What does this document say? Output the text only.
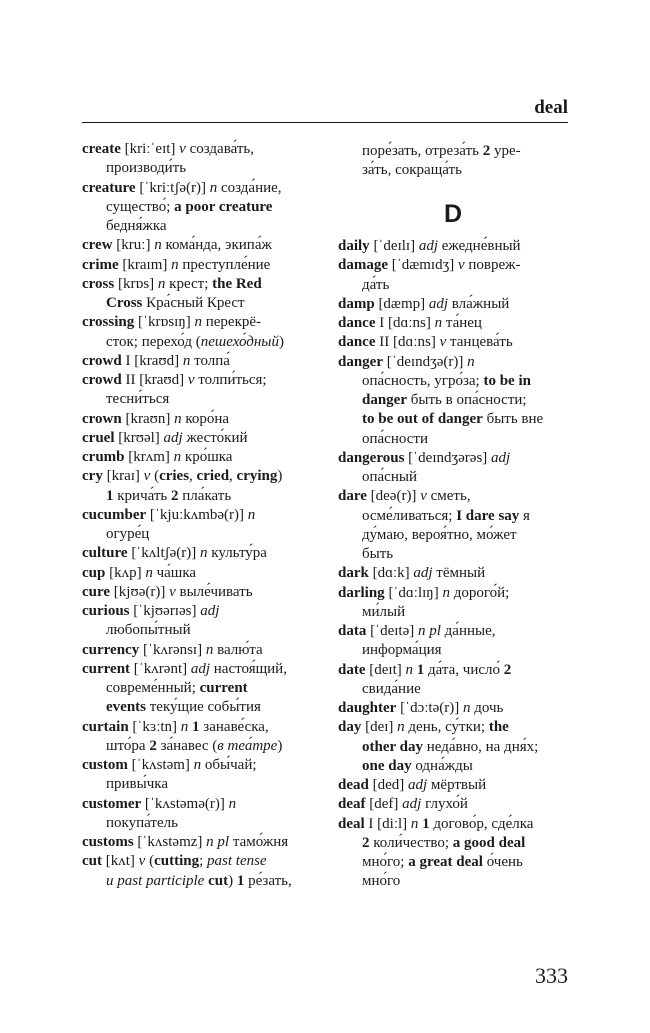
deal
create [kriːˈeɪt] v создава́ть,
производи́ть
creature [ˈkriːtʃə(r)] n созда́ние,
существо́; a poor creature
бедня́жка
crew [kruː] n кома́нда, экипа́ж
crime [kraɪm] n преступле́ние
cross [krɒs] n крест; the Red
Cross Кра́сный Крест
crossing [ˈkrɒsɪŋ] n перекрё-
сток; перехо́д (пешехо́дный)
crowd I [kraʊd] n толпа́
crowd II [kraʊd] v толпи́ться;
тесни́ться
crown [kraʊn] n коро́на
cruel [krʊəl] adj жесто́кий
crumb [krʌm] n кро́шка
cry [kraɪ] v (cries, cried, crying)
1 крича́ть 2 пла́кать
cucumber [ˈkjuːkʌmbə(r)] n
огуре́ц
culture [ˈkʌltʃə(r)] n культу́ра
cup [kʌp] n ча́шка
cure [kjʊə(r)] v выле́чивать
curious [ˈkjʊərɪəs] adj
любопы́тный
currency [ˈkʌrənsɪ] n валю́та
current [ˈkʌrənt] adj настоя́щий,
совреме́нный; current
events теку́щие собы́тия
curtain [ˈkɜːtn] n 1 занаве́ска,
што́ра 2 за́навес (в теа́тре)
custom [ˈkʌstəm] n обы́чай;
привы́чка
customer [ˈkʌstəmə(r)] n
покупа́тель
customs [ˈkʌstəmz] n pl тамо́жня
cut [kʌt] v (cutting; past tense
и past participle cut) 1 ре́зать,
поре́зать, отреза́ть 2 уре-
за́ть, сокраща́ть
D
daily [ˈdeɪlɪ] adj ежедне́вный
damage [ˈdæmɪdʒ] v повреж-
да́ть
damp [dæmp] adj вла́жный
dance I [dɑːns] n та́нец
dance II [dɑːns] v танцева́ть
danger [ˈdeɪndʒə(r)] n
опа́сность, угро́за; to be in
danger быть в опа́сности;
to be out of danger быть вне
опа́сности
dangerous [ˈdeɪndʒərəs] adj
опа́сный
dare [deə(r)] v сметь,
осме́ливаться; I dare say я
ду́маю, вероя́тно, мо́жет
быть
dark [dɑːk] adj тёмный
darling [ˈdɑːlɪŋ] n дорого́й;
ми́лый
data [ˈdeɪtə] n pl да́нные,
информа́ция
date [deɪt] n 1 да́та, число́ 2
свида́ние
daughter [ˈdɔːtə(r)] n дочь
day [deɪ] n день, су́тки; the
other day неда́вно, на дня́х;
one day одна́жды
dead [ded] adj мёртвый
deaf [def] adj глухо́й
deal I [diːl] n 1 догово́р, сде́лка
2 коли́чество; a good deal
мно́го; a great deal о́чень
мно́го
333
